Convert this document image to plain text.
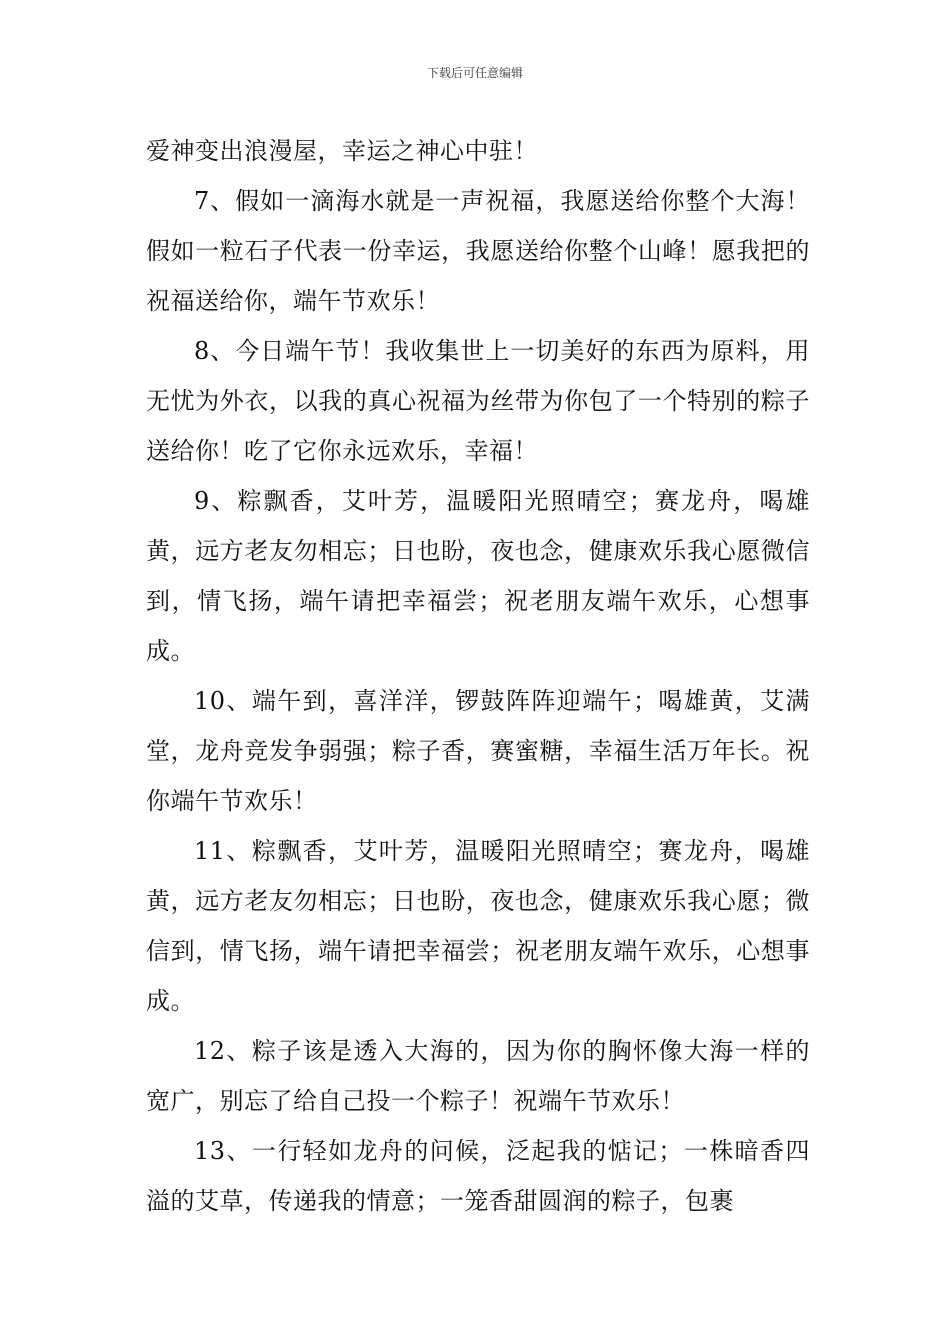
下载后可任意编辑

爱神变出浪漫屋，幸运之神心中驻！

7、假如一滴海水就是一声祝福，我愿送给你整个大海！假如一粒石子代表一份幸运，我愿送给你整个山峰！愿我把的祝福送给你，端午节欢乐！

8、今日端午节！我收集世上一切美好的东西为原料，用无忧为外衣，以我的真心祝福为丝带为你包了一个特别的粽子送给你！吃了它你永远欢乐，幸福！

9、粽飘香，艾叶芳，温暖阳光照晴空；赛龙舟，喝雄黄，远方老友勿相忘；日也盼，夜也念，健康欢乐我心愿微信到，情飞扬，端午请把幸福尝；祝老朋友端午欢乐，心想事成。

10、端午到，喜洋洋，锣鼓阵阵迎端午；喝雄黄，艾满堂，龙舟竞发争弱强；粽子香，赛蜜糖，幸福生活万年长。祝你端午节欢乐！

11、粽飘香，艾叶芳，温暖阳光照晴空；赛龙舟，喝雄黄，远方老友勿相忘；日也盼，夜也念，健康欢乐我心愿；微信到，情飞扬，端午请把幸福尝；祝老朋友端午欢乐，心想事成。

12、粽子该是透入大海的，因为你的胸怀像大海一样的宽广，别忘了给自己投一个粽子！祝端午节欢乐！

13、一行轻如龙舟的问候，泛起我的惦记；一株暗香四溢的艾草，传递我的情意；一笼香甜圆润的粽子，包裹
